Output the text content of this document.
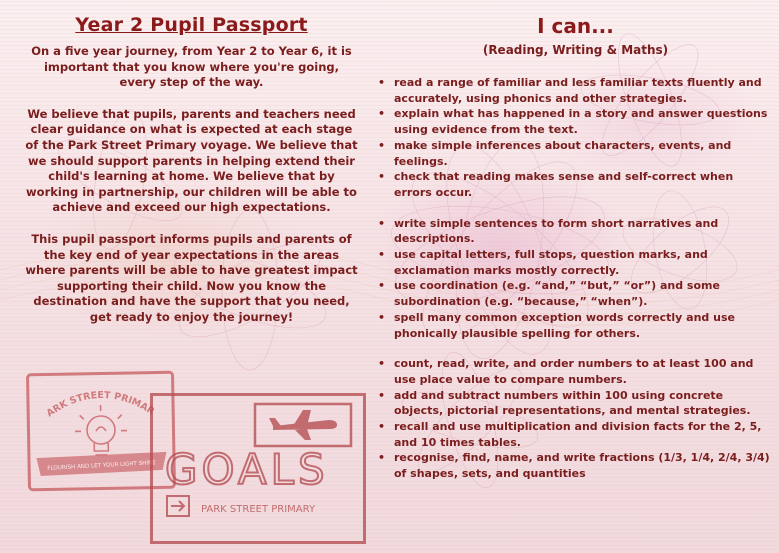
Year 2 Pupil Passport

On a five year journey, from Year 2 to Year 6, it is important that you know where you're going, every step of the way.

We believe that pupils, parents and teachers need clear guidance on what is expected at each stage of the Park Street Primary voyage. We believe that we should support parents in helping extend their child's learning at home. We believe that by working in partnership, our children will be able to achieve and exceed our high expectations.

This pupil passport informs pupils and parents of the key end of year expectations in the areas where parents will be able to have greatest impact supporting their child. Now you know the destination and have the support that you need, get ready to enjoy the journey!

PARK STREET PRIMARY
FLOURISH AND LET YOUR LIGHT SHINE GOALS
PARK STREET PRIMARY
I can...
(Reading, Writing & Maths)
• read a range of familiar and less familiar texts fluently and accurately, using phonics and other strategies.
• explain what has happened in a story and answer questions using evidence from the text.
• make simple inferences about characters, events, and feelings.
• check that reading makes sense and self-correct when errors occur.
• write simple sentences to form short narratives and descriptions.
• use capital letters, full stops, question marks, and exclamation marks mostly correctly.
• use coordination (e.g. “and,” “but,” “or”) and some subordination (e.g. “because,” “when”).
• spell many common exception words correctly and use phonically plausible spelling for others.
• count, read, write, and order numbers to at least 100 and use place value to compare numbers.
• add and subtract numbers within 100 using concrete objects, pictorial representations, and mental strategies.
• recall and use multiplication and division facts for the 2, 5, and 10 times tables.
• recognise, find, name, and write fractions (1/3, 1/4, 2/4, 3/4) of shapes, sets, and quantities
